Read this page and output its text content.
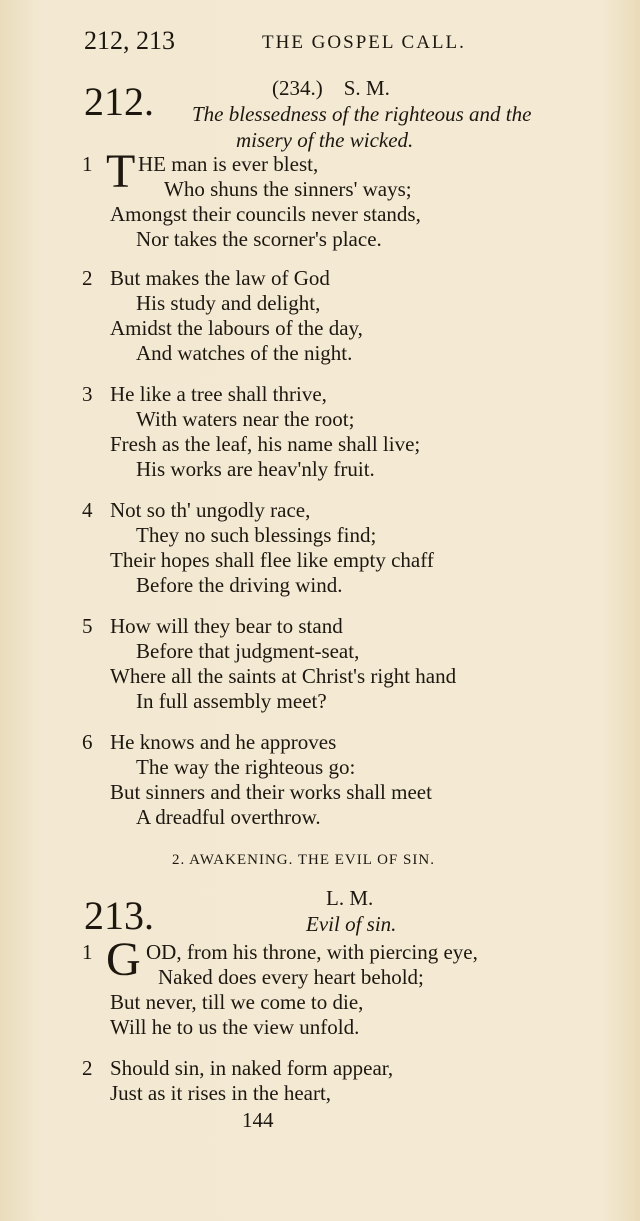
212, 213	THE GOSPEL CALL.
212.	(234.)    S. M.
The blessedness of the righteous and the
misery of the wicked.
1 T HE man is ever blest,
Who shuns the sinners' ways;
Amongst their councils never stands,
Nor takes the scorner's place.
2 But makes the law of God
His study and delight,
Amidst the labours of the day,
And watches of the night.
3 He like a tree shall thrive,
With waters near the root;
Fresh as the leaf, his name shall live;
His works are heav'nly fruit.
4 Not so th' ungodly race,
They no such blessings find;
Their hopes shall flee like empty chaff
Before the driving wind.
5 How will they bear to stand
Before that judgment-seat,
Where all the saints at Christ's right hand
In full assembly meet?
6 He knows and he approves
The way the righteous go:
But sinners and their works shall meet
A dreadful overthrow.
2. AWAKENING. THE EVIL OF SIN.
213.	L. M.
Evil of sin.
1 G OD, from his throne, with piercing eye,
Naked does every heart behold;
But never, till we come to die,
Will he to us the view unfold.
2 Should sin, in naked form appear,
Just as it rises in the heart,
144
